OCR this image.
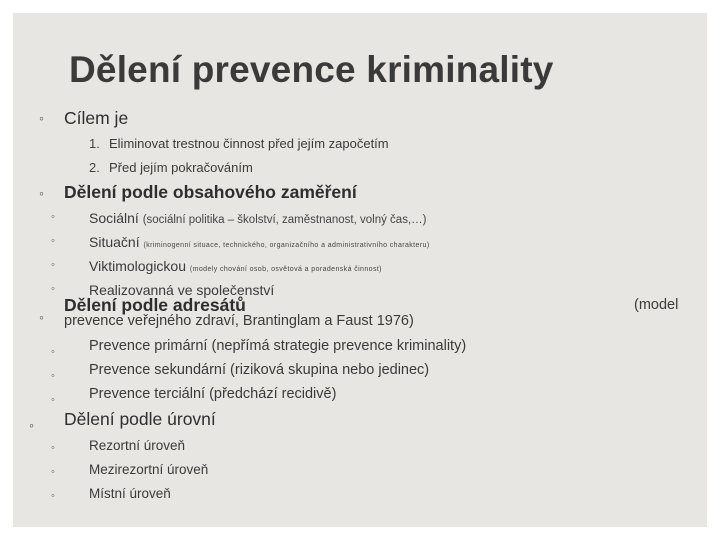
Dělení prevence kriminality
◦ Cílem je
1. Eliminovat trestnou činnost před jejím započetím
2. Před jejím pokračováním
◦ Dělení podle obsahového zaměření
◦ Sociální (sociální politika – školství, zaměstnanost, volný čas,…)
◦ Situační (kriminogenní situace, technického, organizačního a administrativního charakteru)
◦ Viktimologickou (modely chování osob, osvětová a poradenská činnost)
◦ Realizovanná ve společenství
◦
Dělení podle adresátů	(model
prevence veřejného zdraví, Brantinglam a Faust 1976)
◦ Prevence primární (nepřímá strategie prevence kriminality)
◦ Prevence sekundární (riziková skupina nebo jedinec)
◦ Prevence terciální (předchází recidivě)
◦ Dělení podle úrovní
◦	Rezortní úroveň
◦	Mezirezortní úroveň
◦	Místní úroveň
